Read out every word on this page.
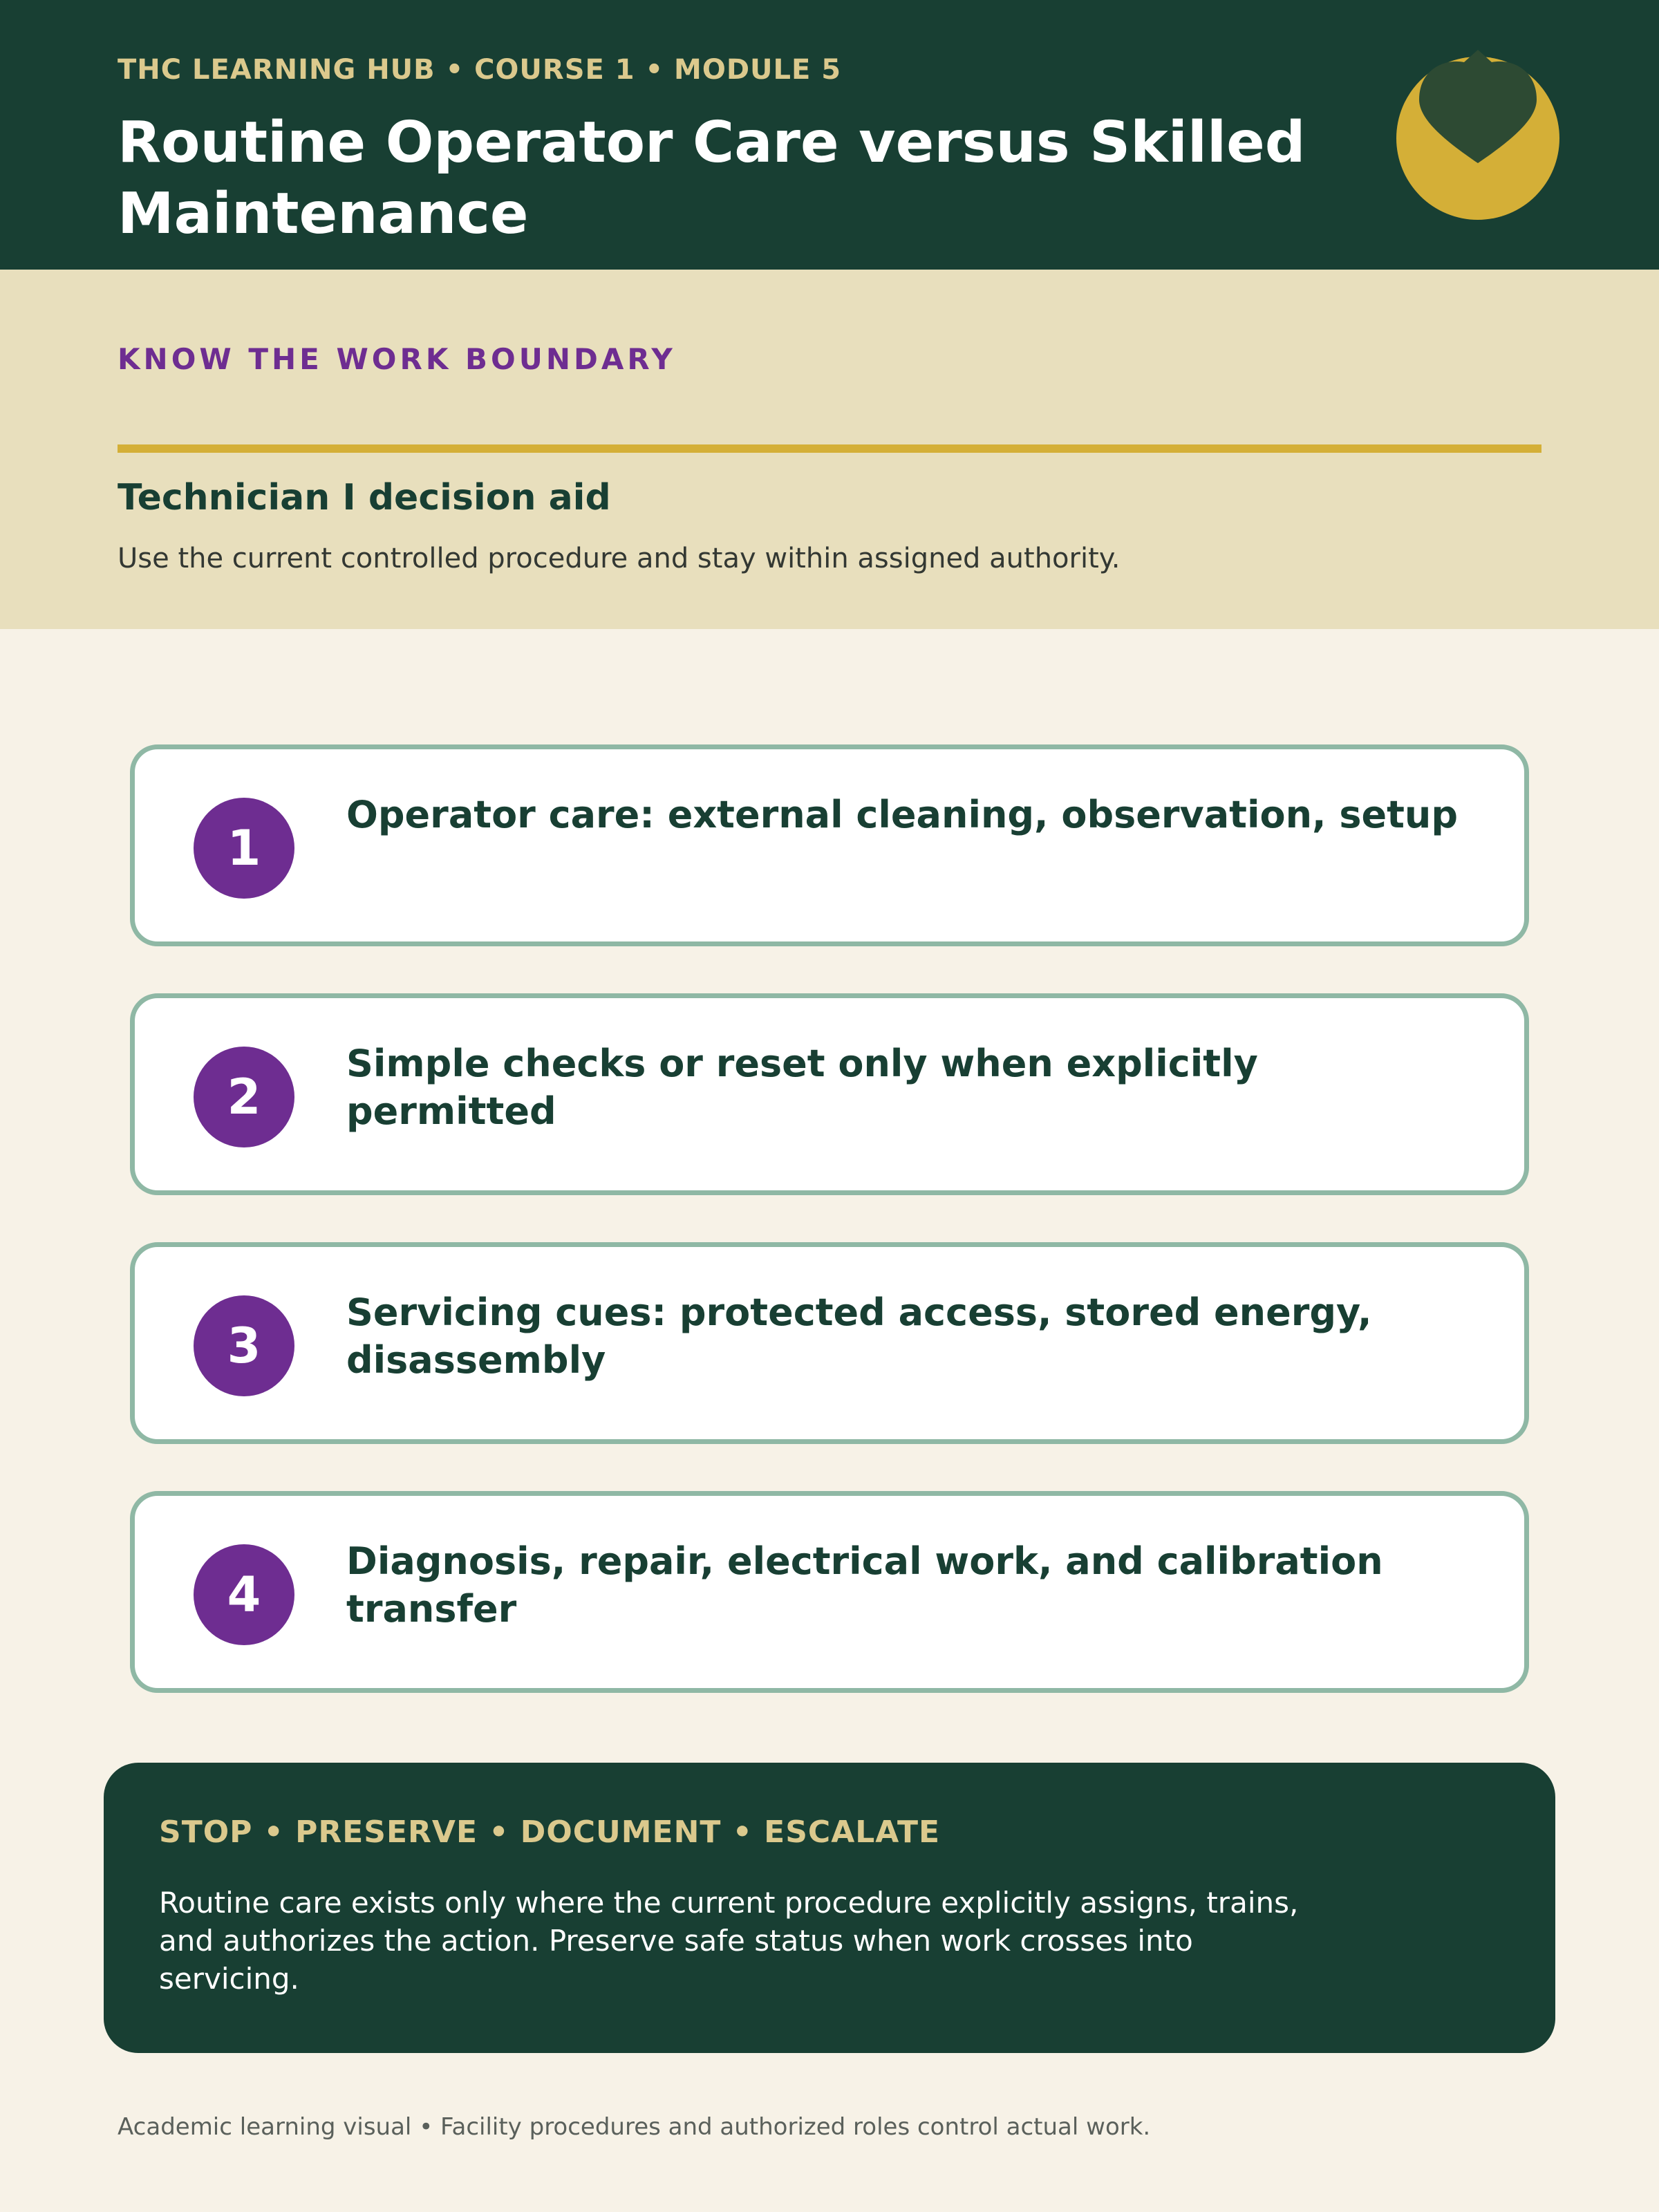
THC LEARNING HUB • COURSE 1 • MODULE 5
Routine Operator Care versus Skilled Maintenance
KNOW THE WORK BOUNDARY
Technician I decision aid
Use the current controlled procedure and stay within assigned authority.
1
Operator care: external cleaning, observation, setup
2
Simple checks or reset only when explicitly permitted
3
Servicing cues: protected access, stored energy, disassembly
4
Diagnosis, repair, electrical work, and calibration transfer
STOP • PRESERVE • DOCUMENT • ESCALATE
Routine care exists only where the current procedure explicitly assigns, trains, and authorizes the action. Preserve safe status when work crosses into servicing.
Academic learning visual • Facility procedures and authorized roles control actual work.
